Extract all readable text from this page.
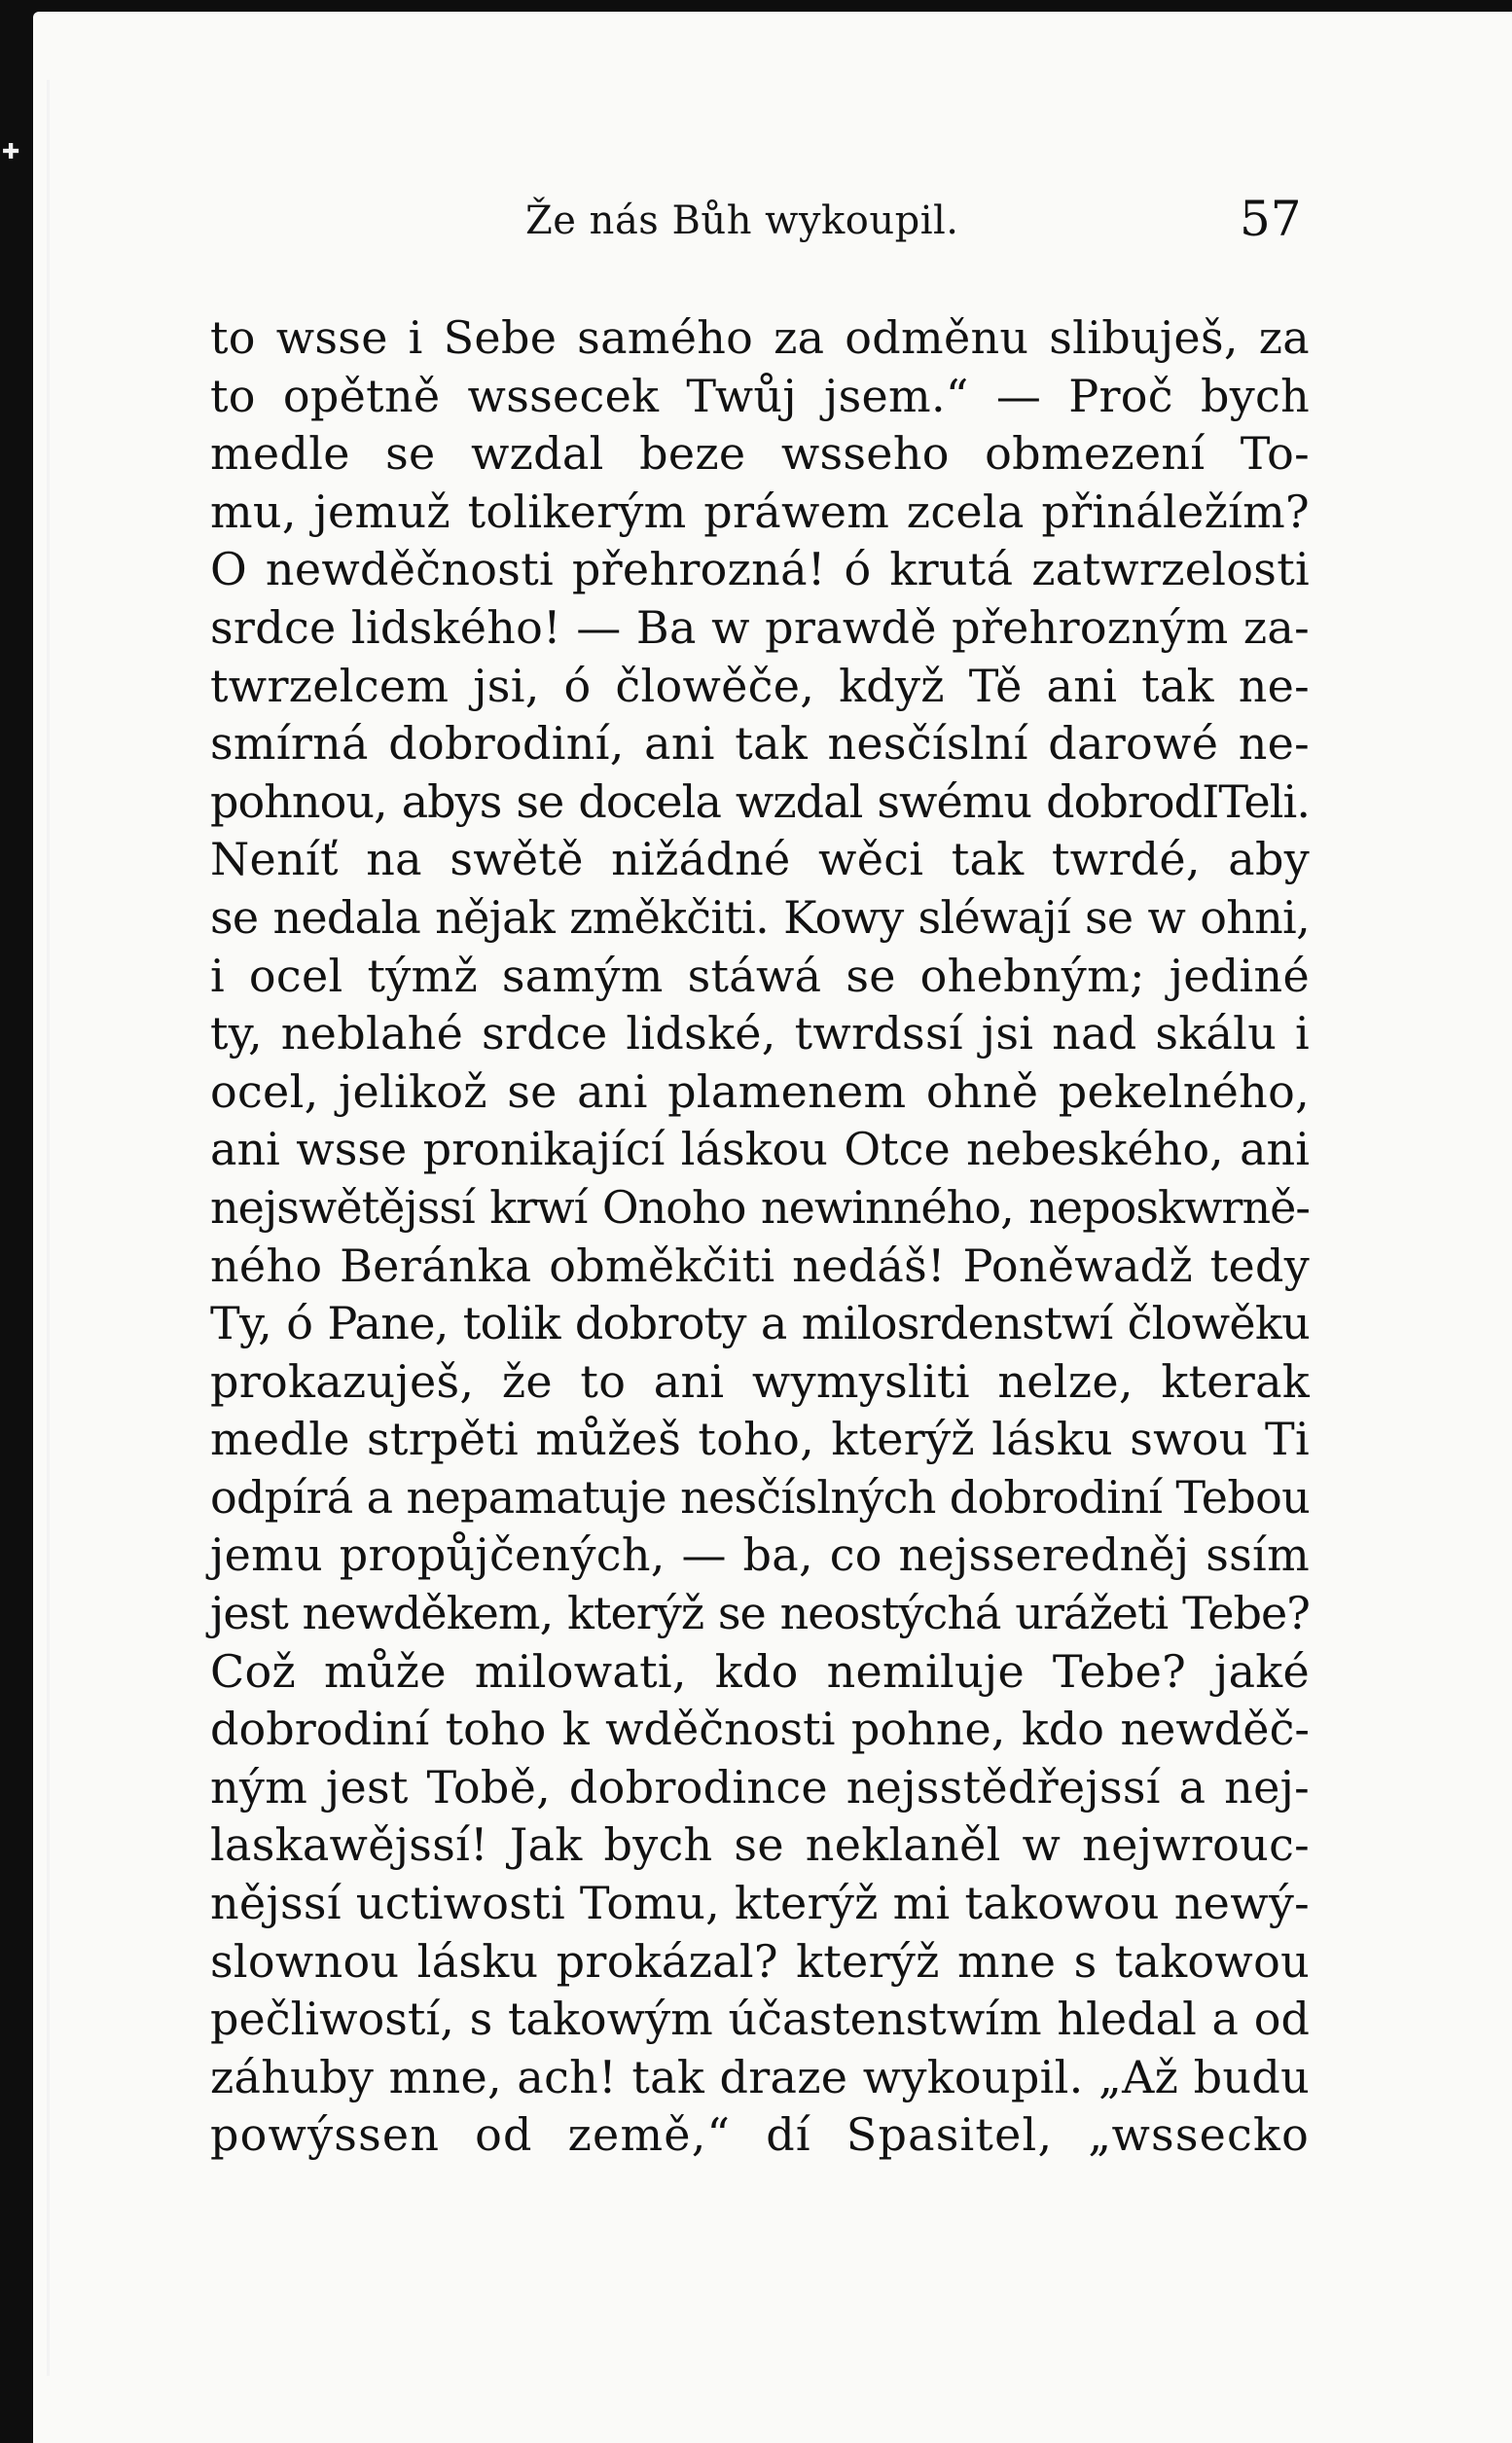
✚
Že nás Bůh wykoupil.	57
to wsse i Sebe samého za odměnu slibuješ, za
to opětně wssecek Twůj jsem.“ — Proč bych
medle se wzdal beze wsseho obmezení To-
mu, jemuž tolikerým práwem zcela přináležím?
O newděčnosti přehrozná! ó krutá zatwrzelosti
srdce lidského! — Ba w prawdě přehrozným za-
twrzelcem jsi, ó člowěče, když Tě ani tak ne-
smírná dobrodiní, ani tak nesčíslní darowé ne-
pohnou, abys se docela wzdal swému dobrodITeli.
Neníť na swětě nižádné wěci tak twrdé, aby
se nedala nějak změkčiti. Kowy sléwají se w ohni,
i ocel týmž samým stáwá se ohebným; jediné
ty, neblahé srdce lidské, twrdssí jsi nad skálu i
ocel, jelikož se ani plamenem ohně pekelného,
ani wsse pronikající láskou Otce nebeského, ani
nejswětějssí krwí Onoho newinného, neposkwrně-
ného Beránka obměkčiti nedáš! Poněwadž tedy
Ty, ó Pane, tolik dobroty a milosrdenstwí člowěku
prokazuješ, že to ani wymysliti nelze, kterak
medle strpěti můžeš toho, kterýž lásku swou Ti
odpírá a nepamatuje nesčíslných dobrodiní Tebou
jemu propůjčených, — ba, co nejsseredněj ssím
jest newděkem, kterýž se neostýchá urážeti Tebe?
Což může milowati, kdo nemiluje Tebe? jaké
dobrodiní toho k wděčnosti pohne, kdo newděč-
ným jest Tobě, dobrodince nejsstědřejssí a nej-
laskawějssí! Jak bych se neklaněl w nejwrouc-
nějssí uctiwosti Tomu, kterýž mi takowou newý-
slownou lásku prokázal? kterýž mne s takowou
pečliwostí, s takowým účastenstwím hledal a od
záhuby mne, ach! tak draze wykoupil. „Až budu
powýssen od země,“ dí Spasitel, „wssecko
